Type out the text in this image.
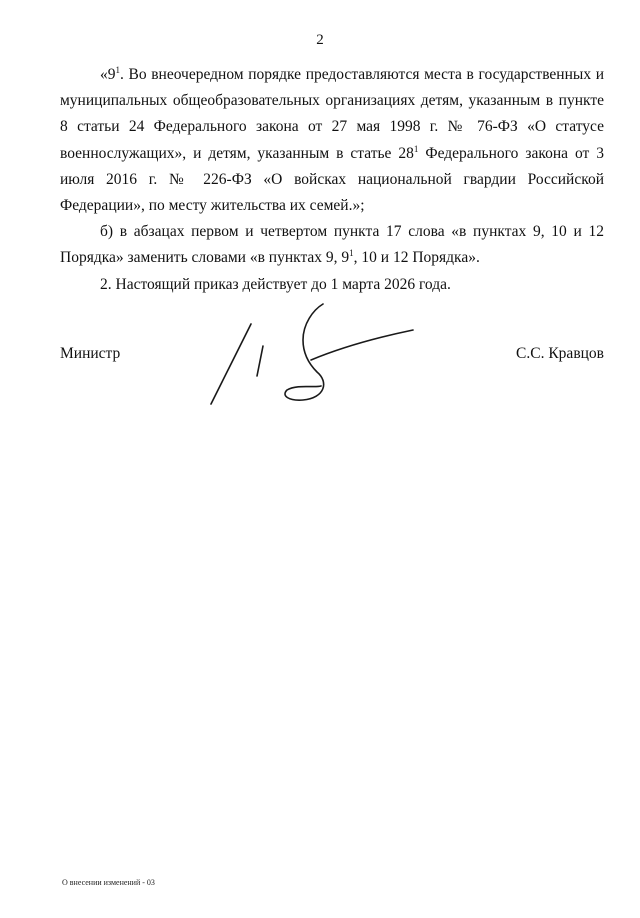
2

«$9^1$. Во внеочередном порядке предоставляются места в государственных и муниципальных общеобразовательных организациях детям, указанным в пункте 8 статьи 24 Федерального закона от 27 мая 1998 г. № 76-ФЗ «О статусе военнослужащих», и детям, указанным в статье $28^1$ Федерального закона от 3 июля 2016 г. № 226-ФЗ «О войсках национальной гвардии Российской Федерации», по месту жительства их семей.»;

б) в абзацах первом и четвертом пункта 17 слова «в пунктах 9, 10 и 12 Порядка» заменить словами «в пунктах 9, $9^1$, 10 и 12 Порядка».

2. Настоящий приказ действует до 1 марта 2026 года.

Министр	С.С. Кравцов
О внесении изменений - 03
